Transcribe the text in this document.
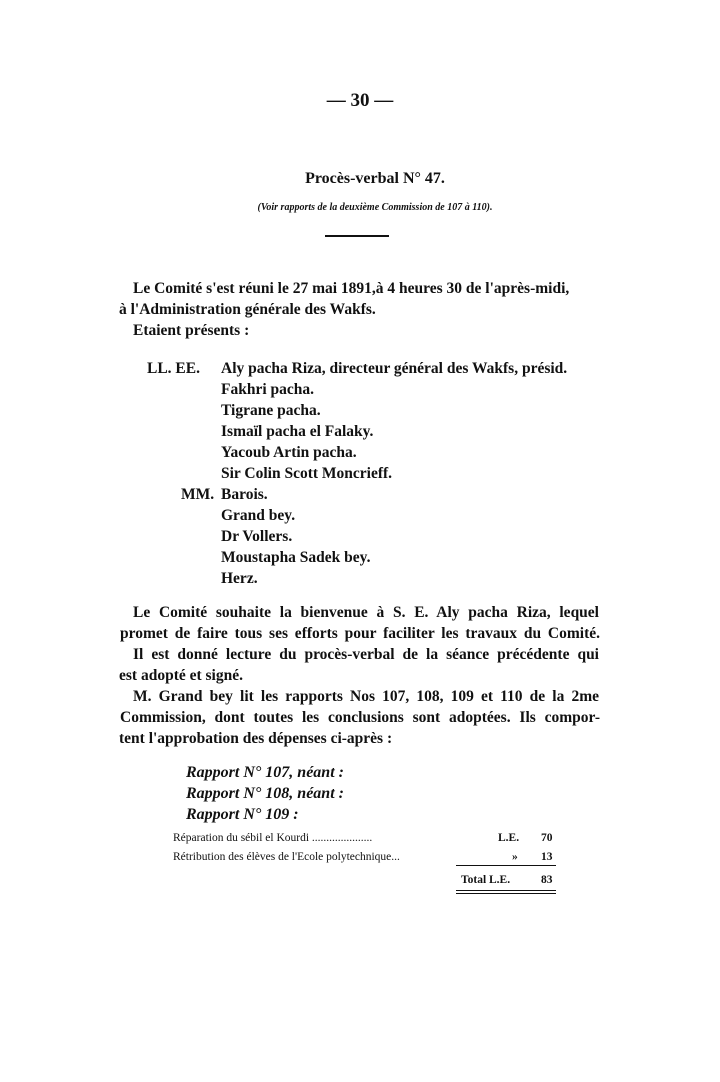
— 30 —
Procès-verbal N° 47.
(Voir rapports de la deuxième Commission de 107 à 110).
Le Comité s'est réuni le 27 mai 1891,à 4 heures 30 de l'après-midi,
à l'Administration générale des Wakfs.
Etaient présents :
LL. EE. Aly pacha Riza, directeur général des Wakfs, présid.
Fakhri pacha.
Tigrane pacha.
Ismaïl pacha el Falaky.
Yacoub Artin pacha.
Sir Colin Scott Moncrieff.
MM. Barois.
Grand bey.
Dr Vollers.
Moustapha Sadek bey.
Herz.
Le Comité souhaite la bienvenue à S. E. Aly pacha Riza, lequel
promet de faire tous ses efforts pour faciliter les travaux du Comité.
Il est donné lecture du procès-verbal de la séance précédente qui
est adopté et signé.
M. Grand bey lit les rapports Nos 107, 108, 109 et 110 de la 2me
Commission, dont toutes les conclusions sont adoptées. Ils compor-
tent l'approbation des dépenses ci-après :
Rapport N° 107, néant :
Rapport N° 108, néant :
Rapport N° 109 :
Réparation du sébil el Kourdi .....................	L.E. 70
Rétribution des élèves de l'Ecole polytechnique...	» 13
Total L.E.	83
